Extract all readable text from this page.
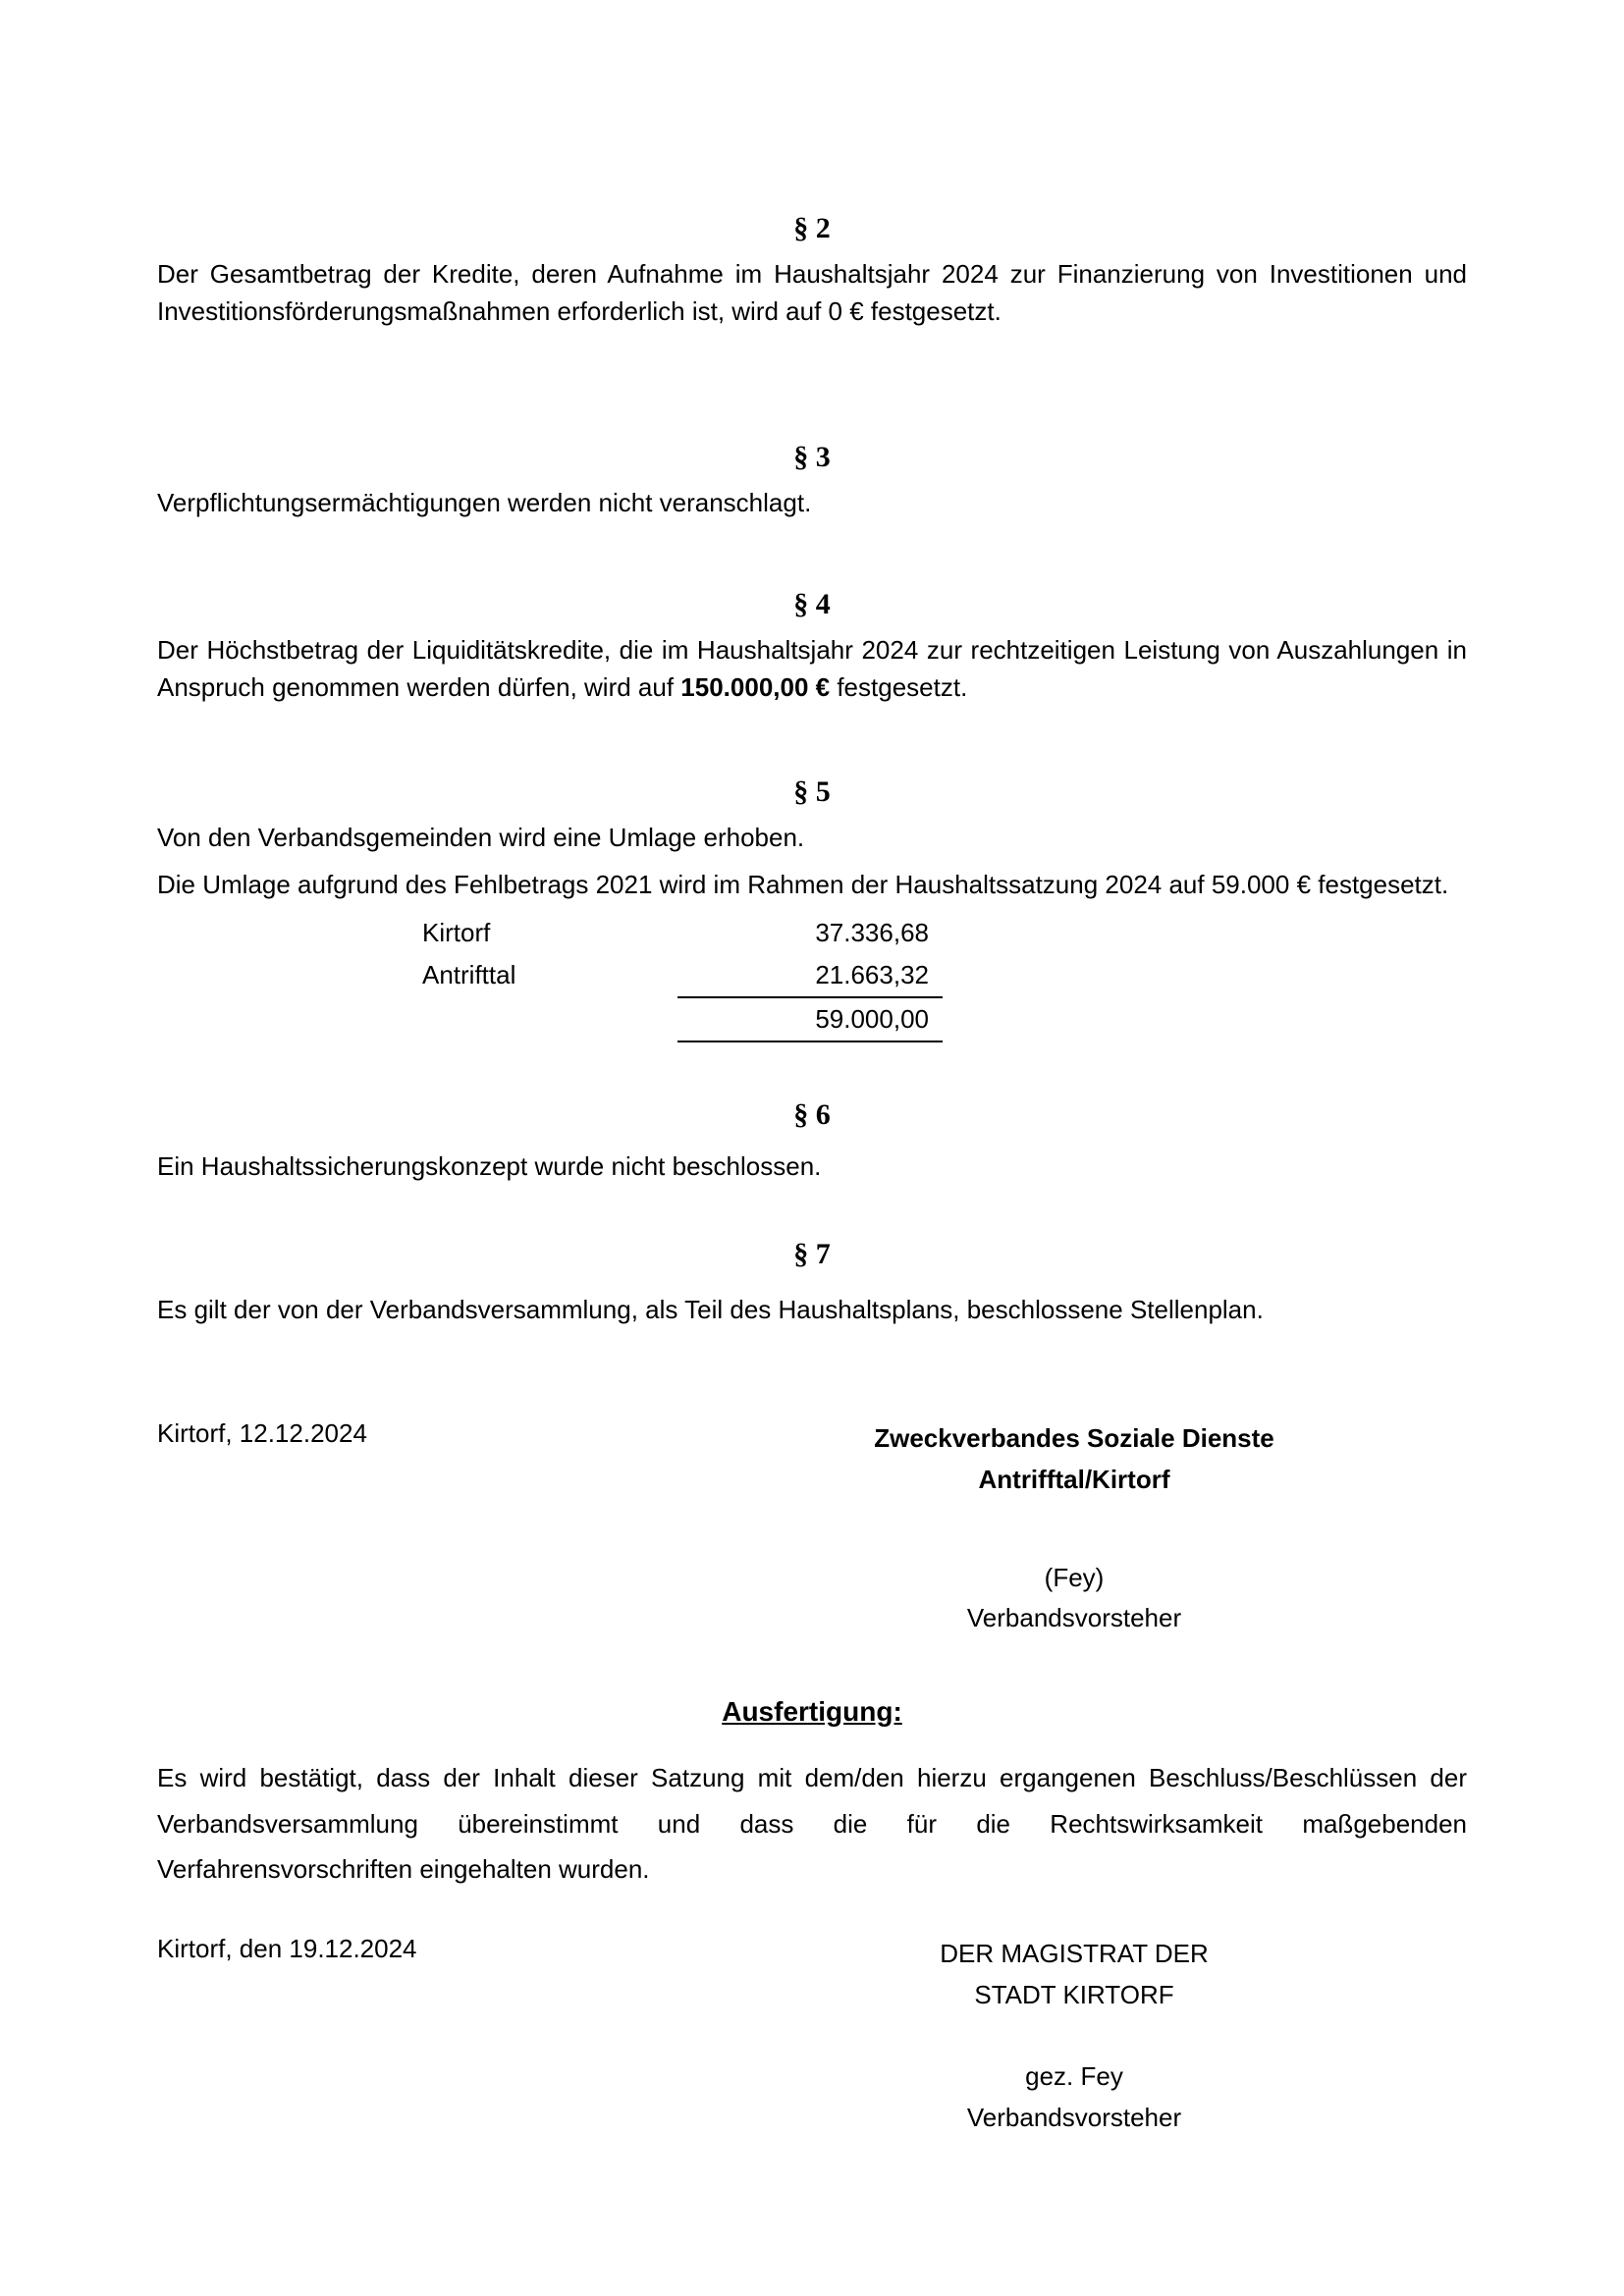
§ 2

Der Gesamtbetrag der Kredite, deren Aufnahme im Haushaltsjahr 2024 zur Finanzierung von Investitionen und Investitionsförderungsmaßnahmen erforderlich ist, wird auf 0 € festgesetzt.

§ 3

Verpflichtungsermächtigungen werden nicht veranschlagt.

§ 4

Der Höchstbetrag der Liquiditätskredite, die im Haushaltsjahr 2024 zur rechtzeitigen Leistung von Auszahlungen in Anspruch genommen werden dürfen, wird auf 150.000,00 € festgesetzt.

§ 5

Von den Verbandsgemeinden wird eine Umlage erhoben.

Die Umlage aufgrund des Fehlbetrags 2021 wird im Rahmen der Haushaltssatzung 2024 auf 59.000 € festgesetzt.

Kirtorf	37.336,68
Antrifttal	21.663,32
	59.000,00

§ 6

Ein Haushaltssicherungskonzept wurde nicht beschlossen.

§ 7

Es gilt der von der Verbandsversammlung, als Teil des Haushaltsplans, beschlossene Stellenplan.

Kirtorf, 12.12.2024	Zweckverbandes Soziale Dienste
Antrifftal/Kirtorf
(Fey)
Verbandsvorsteher

Ausfertigung:

Es wird bestätigt, dass der Inhalt dieser Satzung mit dem/den hierzu ergangenen Beschluss/Beschlüssen der Verbandsversammlung übereinstimmt und dass die für die Rechtswirksamkeit maßgebenden Verfahrensvorschriften eingehalten wurden.

Kirtorf, den 19.12.2024	DER MAGISTRAT DER
STADT KIRTORF
gez. Fey
Verbandsvorsteher
